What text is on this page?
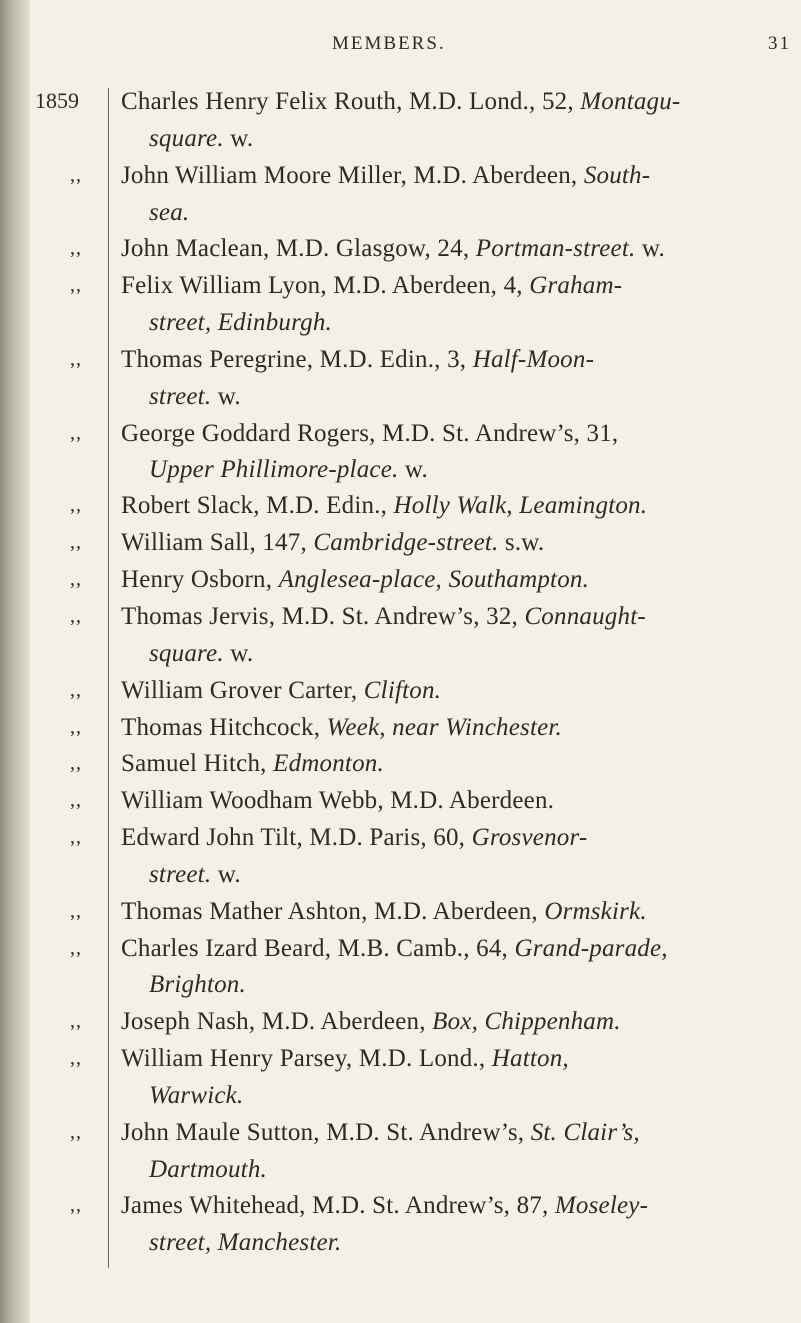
MEMBERS.	31
1859 Charles Henry Felix Routh, M.D. Lond., 52, Montagu-
square. w.
,, John William Moore Miller, M.D. Aberdeen, South-
sea.
,, John Maclean, M.D. Glasgow, 24, Portman-street. w.
,, Felix William Lyon, M.D. Aberdeen, 4, Graham-
street, Edinburgh.
,, Thomas Peregrine, M.D. Edin., 3, Half-Moon-
street. w.
,, George Goddard Rogers, M.D. St. Andrew’s, 31,
Upper Phillimore-place. w.
,, Robert Slack, M.D. Edin., Holly Walk, Leamington.
,, William Sall, 147, Cambridge-street. s.w.
,, Henry Osborn, Anglesea-place, Southampton.
,, Thomas Jervis, M.D. St. Andrew’s, 32, Connaught-
square. w.
,, William Grover Carter, Clifton.
,, Thomas Hitchcock, Week, near Winchester.
,, Samuel Hitch, Edmonton.
,, William Woodham Webb, M.D. Aberdeen.
,, Edward John Tilt, M.D. Paris, 60, Grosvenor-
street. w.
,, Thomas Mather Ashton, M.D. Aberdeen, Ormskirk.
,, Charles Izard Beard, M.B. Camb., 64, Grand-parade,
Brighton.
,, Joseph Nash, M.D. Aberdeen, Box, Chippenham.
,, William Henry Parsey, M.D. Lond., Hatton,
Warwick.
,, John Maule Sutton, M.D. St. Andrew’s, St. Clair’s,
Dartmouth.
,, James Whitehead, M.D. St. Andrew’s, 87, Moseley-
street, Manchester.
